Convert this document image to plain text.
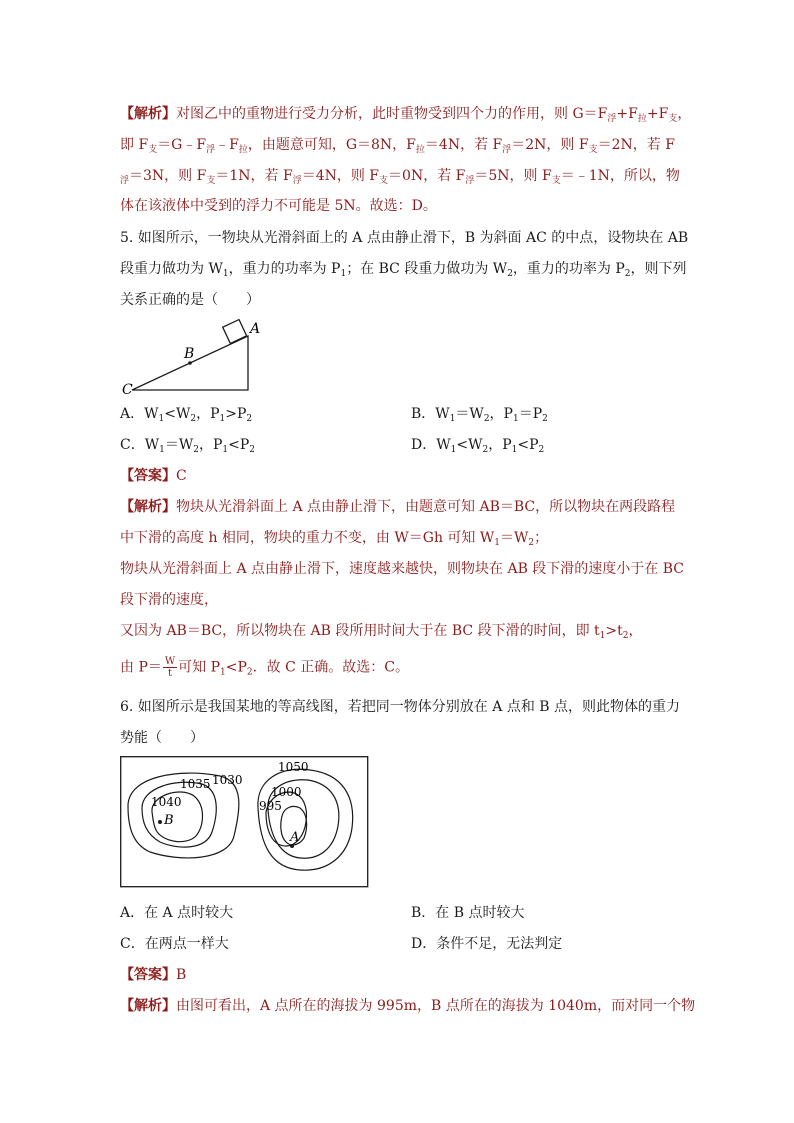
【解析】对图乙中的重物进行受力分析，此时重物受到四个力的作用，则 $G=F_浮+F_拉+F_支$，
即 $F_支=G﹣F_浮﹣F_拉$，由题意可知，G＝8N，$F_拉=4N$，若 $F_浮=2N$，则 $F_支=2N$，若 F
$_浮$＝3N，则 $F_支=1N$，若 $F_浮=4N$，则 $F_支=0N$，若 $F_浮=5N$，则 $F_支=﹣1N$，所以，物
体在该液体中受到的浮力不可能是 5N。故选：D。
5. 如图所示，一物块从光滑斜面上的 A 点由静止滑下，B 为斜面 AC 的中点，设物块在 AB
段重力做功为 $W_1$，重力的功率为 $P_1$；在 BC 段重力做功为 $W_2$，重力的功率为 $P_2$，则下列
关系正确的是（　　）
A
B
C
A．$W_1<W_2$，$P_1>P_2$	B．$W_1=W_2$，$P_1=P_2$
C．$W_1=W_2$，$P_1<P_2$	D．$W_1<W_2$，$P_1<P_2$
【答案】C
【解析】物块从光滑斜面上 A 点由静止滑下，由题意可知 AB＝BC，所以物块在两段路程
中下滑的高度 h 相同，物块的重力不变，由 W＝Gh 可知 $W_1=W_2$；
物块从光滑斜面上 A 点由静止滑下，速度越来越快，则物块在 AB 段下滑的速度小于在 BC
段下滑的速度，
又因为 AB＝BC，所以物块在 AB 段所用时间大于在 BC 段下滑的时间，即 $t_1>t_2$，
由 $P= \frac{W}{t}$ 可知 $P_1<P_2$．故 C 正确。故选：C。
6. 如图所示是我国某地的等高线图，若把同一物体分别放在 A 点和 B 点，则此物体的重力
势能（　　）
1040
1035 1030
B
1050
1000
995
A
A．在 A 点时较大	B．在 B 点时较大
C．在两点一样大	D．条件不足，无法判定
【答案】B
【解析】由图可看出，A 点所在的海拔为 995m，B 点所在的海拔为 1040m，而对同一个物
